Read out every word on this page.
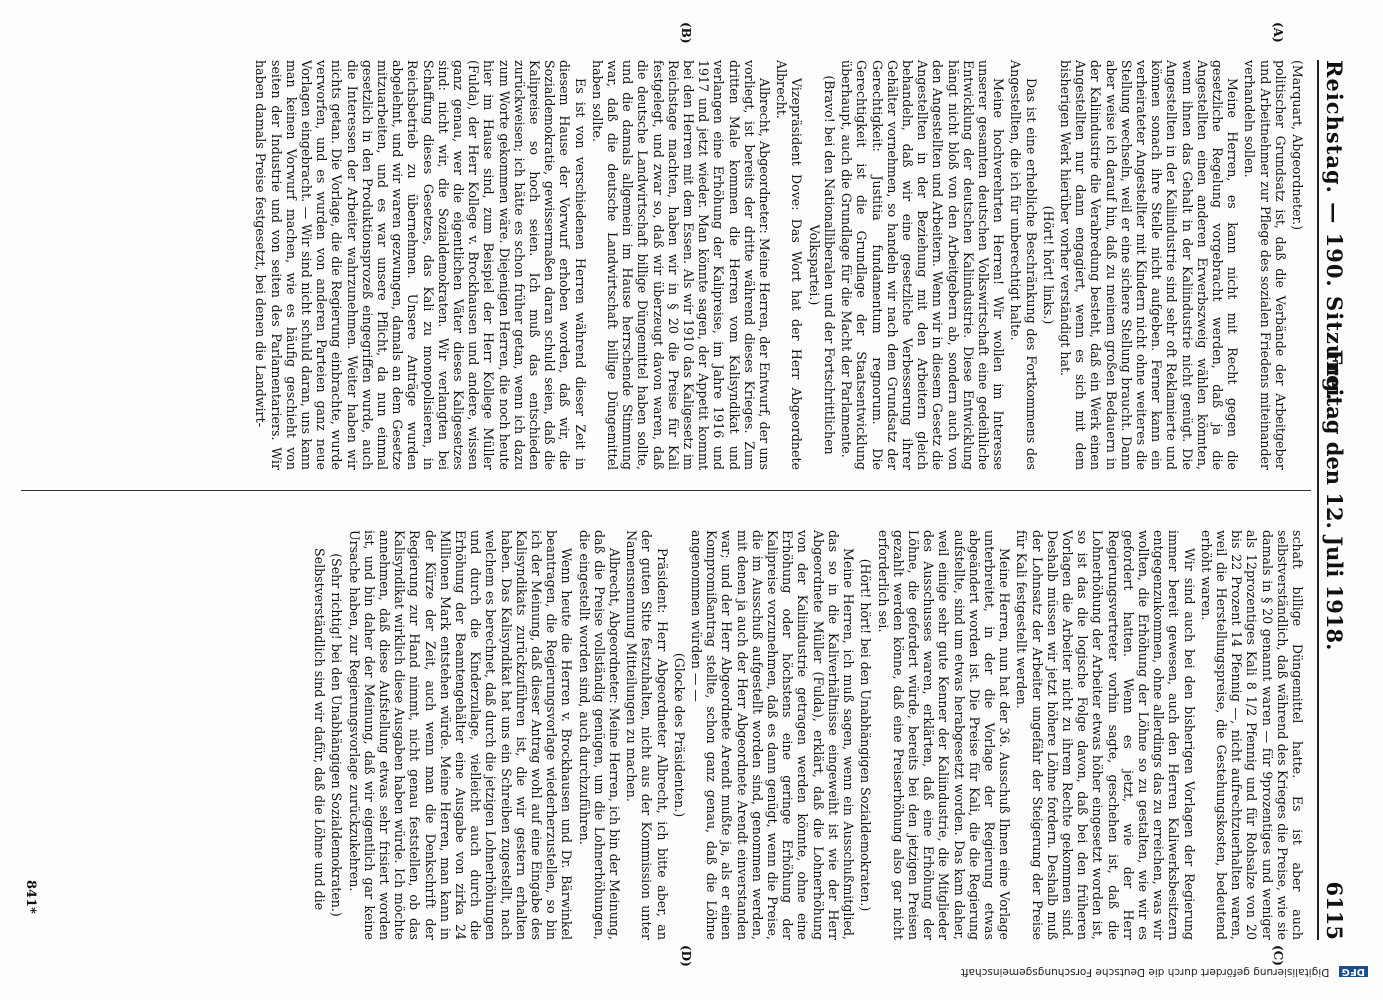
Reichstag. — 190. Sitzung.
Freitag den 12. Juli 1918.
6115
(A)
(B)
(C)
(D)

(Marquart, Abgeordneter.)

politischer Grundsatz ist, daß die Verbände der Arbeitgeber und Arbeitnehmer zur Pflege des sozialen Friedens miteinander verhandeln sollen.

Meine Herren, es kann nicht mit Recht gegen die gesetzliche Regelung vorgebracht werden, daß ja die Angestellten einen anderen Erwerbszweig wählen könnten, wenn ihnen das Gehalt in der Kaliindustrie nicht genügt. Die Angestellten in der Kaliindustrie sind sehr oft Reklamierte und können sonach ihre Stelle nicht aufgeben. Ferner kann ein verheirateter Angestellter mit Kindern nicht ohne weiteres die Stellung wechseln, weil er eine sichere Stellung braucht. Dann aber weise ich darauf hin, daß zu meinem großen Bedauern in der Kaliindustrie die Verabredung besteht, daß ein Werk einen Angestellten nur dann engagiert, wenn es sich mit dem bisherigen Werk hierüber vorher verständigt hat.

(Hört! hört! links.)

Das ist eine erhebliche Beschränkung des Fortkommens des Angestellten, die ich für unberechtigt halte.

Meine hochverehrten Herren! Wir wollen im Interesse unserer gesamten deutschen Volkswirtschaft eine gedeihliche Entwicklung der deutschen Kaliindustrie. Diese Entwicklung hängt nicht bloß von den Arbeitgebern ab, sondern auch von den Angestellten und Arbeitern. Wenn wir in diesem Gesetz die Angestellten in der Beziehung mit den Arbeitern gleich behandeln, daß wir eine gesetzliche Verbesserung ihrer Gehälter vornehmen, so handeln wir nach dem Grundsatz der Gerechtigkeit: Justitia fundamentum regnorum. Die Gerechtigkeit ist die Grundlage der Staatsentwicklung überhaupt, auch die Grundlage für die Macht der Parlamente.

(Bravo! bei den Nationalliberalen und der Fortschrittlichen Volkspartei.)

Vizepräsident Dove: Das Wort hat der Herr Abgeordnete Albrecht.

Albrecht, Abgeordneter: Meine Herren, der Entwurf, der uns vorliegt, ist bereits der dritte während dieses Krieges. Zum dritten Male kommen die Herren vom Kalisyndikat und verlangen eine Erhöhung der Kalipreise, im Jahre 1916 und 1917 und jetzt wieder. Man könnte sagen, der Appetit kommt bei den Herren mit dem Essen. Als wir 1910 das Kaligesetz im Reichstage machten, haben wir in § 20 die Preise für Kali festgelegt, und zwar so, daß wir überzeugt davon waren, daß die deutsche Landwirtschaft billige Düngemittel haben sollte, und die damals allgemein im Hause herrschende Stimmung war, daß die deutsche Landwirtschaft billige Düngemittel haben sollte.

Es ist von verschiedenen Herren während dieser Zeit in diesem Hause der Vorwurf erhoben worden, daß wir, die Sozialdemokratie, gewissermaßen daran schuld seien, daß die Kalipreise so hoch seien. Ich muß das entschieden zurückweisen; ich hätte es schon früher getan, wenn ich dazu zum Worte gekommen wäre. Diejenigen Herren, die noch heute hier im Hause sind, zum Beispiel der Herr Kollege Müller (Fulda), der Herr Kollege v. Brockhausen und andere, wissen ganz genau, wer die eigentlichen Väter dieses Kaligesetzes sind: nicht wir, die Sozialdemokraten. Wir verlangten bei Schaffung dieses Gesetzes, das Kali zu monopolisieren, in Reichsbetrieb zu übernehmen. Unsere Anträge wurden abgelehnt, und wir waren gezwungen, damals an dem Gesetze mitzuarbeiten, und es war unsere Pflicht, da nun einmal gesetzlich in den Produktionsprozeß eingegriffen wurde, auch die Interessen der Arbeiter wahrzunehmen. Weiter haben wir nichts getan. Die Vorlage, die die Regierung einbrachte, wurde verworfen, und es wurden von anderen Parteien ganz neue Vorlagen eingebracht. — Wir sind nicht schuld daran, uns kann man keinen Vorwurf machen, wie es häufig geschieht von seiten der Industrie und von seiten des Parlamentariers. Wir haben damals Preise festgesetzt, bei denen die Landwirt-

schaft billige Düngemittel hatte. Es ist aber auch selbstverständlich, daß während des Krieges die Preise, wie sie damals in § 20 genannt waren — für 9prozentiges und weniger als 12prozentiges Kali 8 1/2 Pfennig und für Rohsalze von 20 bis 22 Prozent 14 Pfennig —, nicht aufrechtzuerhalten waren, weil die Herstellungspreise, die Gestehungskosten, bedeutend erhöht waren.

Wir sind auch bei den bisherigen Vorlagen der Regierung immer bereit gewesen, auch den Herren Kaliwerksbesitzern entgegenzukommen, ohne allerdings das zu erreichen, was wir wollten, die Erhöhung der Löhne so zu gestalten, wie wir es gefordert hatten. Wenn es jetzt, wie der Herr Regierungsvertreter vorhin sagte, geschehen ist, daß die Lohnerhöhung der Arbeiter etwas höher eingesetzt worden ist, so ist das die logische Folge davon, daß bei den früheren Vorlagen die Arbeiter nicht zu ihrem Rechte gekommen sind. Deshalb müssen wir jetzt höhere Löhne fordern. Deshalb muß der Lohnsatz der Arbeiter ungefähr der Steigerung der Preise für Kali festgestellt werden.

Meine Herren, nun hat der 36. Ausschuß Ihnen eine Vorlage unterbreitet, in der die Vorlage der Regierung etwas abgeändert worden ist. Die Preise für Kali, die die Regierung aufstellte, sind um etwas herabgesetzt worden. Das kam daher, weil einige sehr gute Kenner der Kaliindustrie, die Mitglieder des Ausschusses waren, erklärten, daß eine Erhöhung der Löhne, die gefordert würde, bereits bei den jetzigen Preisen gezahlt werden könne, daß eine Preiserhöhung also gar nicht erforderlich sei.

(Hört! hört! bei den Unabhängigen Sozialdemokraten.)

Meine Herren, ich muß sagen, wenn ein Ausschußmitglied, das so in die Kaliverhältnisse eingeweiht ist wie der Herr Abgeordnete Müller (Fulda), erklärt, daß die Lohnerhöhung von der Kaliindustrie getragen werden könnte, ohne eine Erhöhung oder höchstens eine geringe Erhöhung der Kalipreise vorzunehmen, daß es dann genügt, wenn die Preise, die im Ausschuß aufgestellt worden sind, genommen werden, mit denen ja auch der Herr Abgeordnete Arendt einverstanden war; und der Herr Abgeordnete Arendt mußte ja, als er einen Kompromißantrag stellte, schon ganz genau, daß die Löhne angenommen würden — —

(Glocke des Präsidenten.)

Präsident: Herr Abgeordneter Albrecht, ich bitte aber, an der guten Sitte festzuhalten, nicht aus der Kommission unter Namensnennung Mitteilungen zu machen.

Albrecht, Abgeordneter: Meine Herren, ich bin der Meinung, daß die Preise vollständig genügen, um die Lohnerhöhungen, die eingestellt worden sind, auch durchzuführen.

Wenn heute die Herren v. Brockhausen und Dr. Bärwinkel beantragen, die Regierungsvorlage wiederherzustellen, so bin ich der Meinung, daß dieser Antrag wohl auf eine Eingabe des Kalisyndikats zurückzuführen ist, die wir gestern erhalten haben. Das Kalisyndikat hat uns ein Schreiben zugestellt, nach welchem es berechnet, daß durch die jetzigen Lohnerhöhungen und durch die Kinderzulage, vielleicht auch durch die Erhöhung der Beamtengehälter eine Ausgabe von zirka 24 Millionen Mark entstehen würde. Meine Herren, man kann in der Kürze der Zeit, auch wenn man die Denkschrift der Regierung zur Hand nimmt, nicht genau feststellen, ob das Kalisyndikat wirklich diese Ausgaben haben würde. Ich möchte annehmen, daß diese Aufstellung etwas sehr frisiert worden ist, und bin daher der Meinung, daß wir eigentlich gar keine Ursache haben, zur Regierungsvorlage zurückzukehren.

(Sehr richtig! bei den Unabhängigen Sozialdemokraten.)

Selbstverständlich sind wir dafür, daß die Löhne und die

841*
DFG Digitalisierung gefördert durch die Deutsche Forschungsgemeinschaft
